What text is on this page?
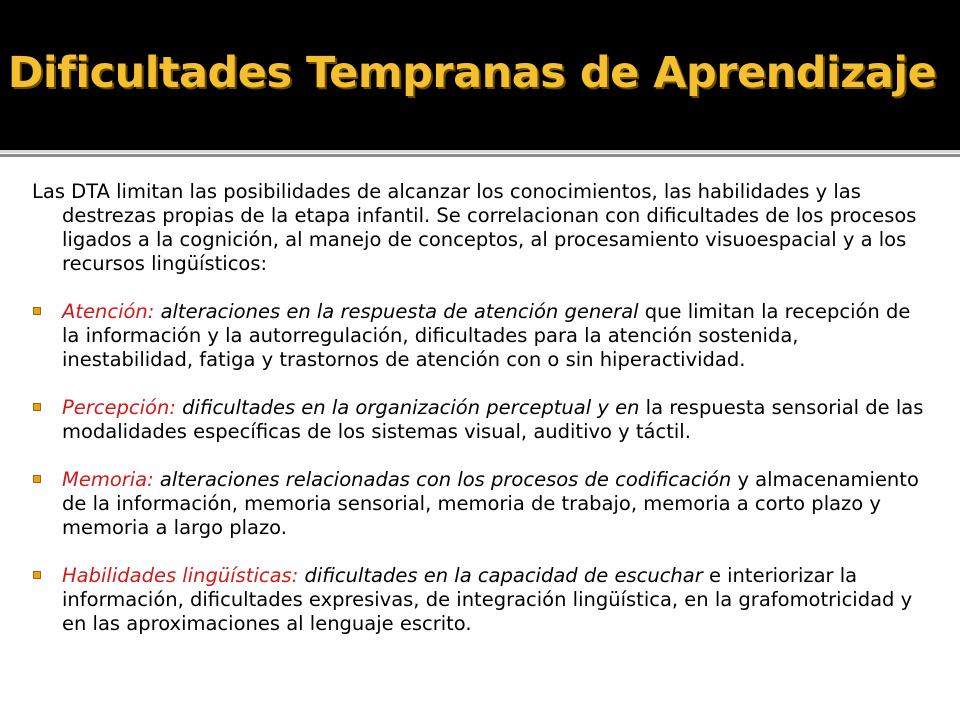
Dificultades Tempranas de Aprendizaje

Las DTA limitan las posibilidades de alcanzar los conocimientos, las habilidades y las destrezas propias de la etapa infantil. Se correlacionan con dificultades de los procesos ligados a la cognición, al manejo de conceptos, al procesamiento visuoespacial y a los recursos lingüísticos:

Atención: alteraciones en la respuesta de atención general que limitan la recepción de la información y la autorregulación, dificultades para la atención sostenida, inestabilidad, fatiga y trastornos de atención con o sin hiperactividad.
Percepción: dificultades en la organización perceptual y en la respuesta sensorial de las modalidades específicas de los sistemas visual, auditivo y táctil.
Memoria: alteraciones relacionadas con los procesos de codificación y almacenamiento de la información, memoria sensorial, memoria de trabajo, memoria a corto plazo y memoria a largo plazo.
Habilidades lingüísticas: dificultades en la capacidad de escuchar e interiorizar la información, dificultades expresivas, de integración lingüística, en la grafomotricidad y en las aproximaciones al lenguaje escrito.
